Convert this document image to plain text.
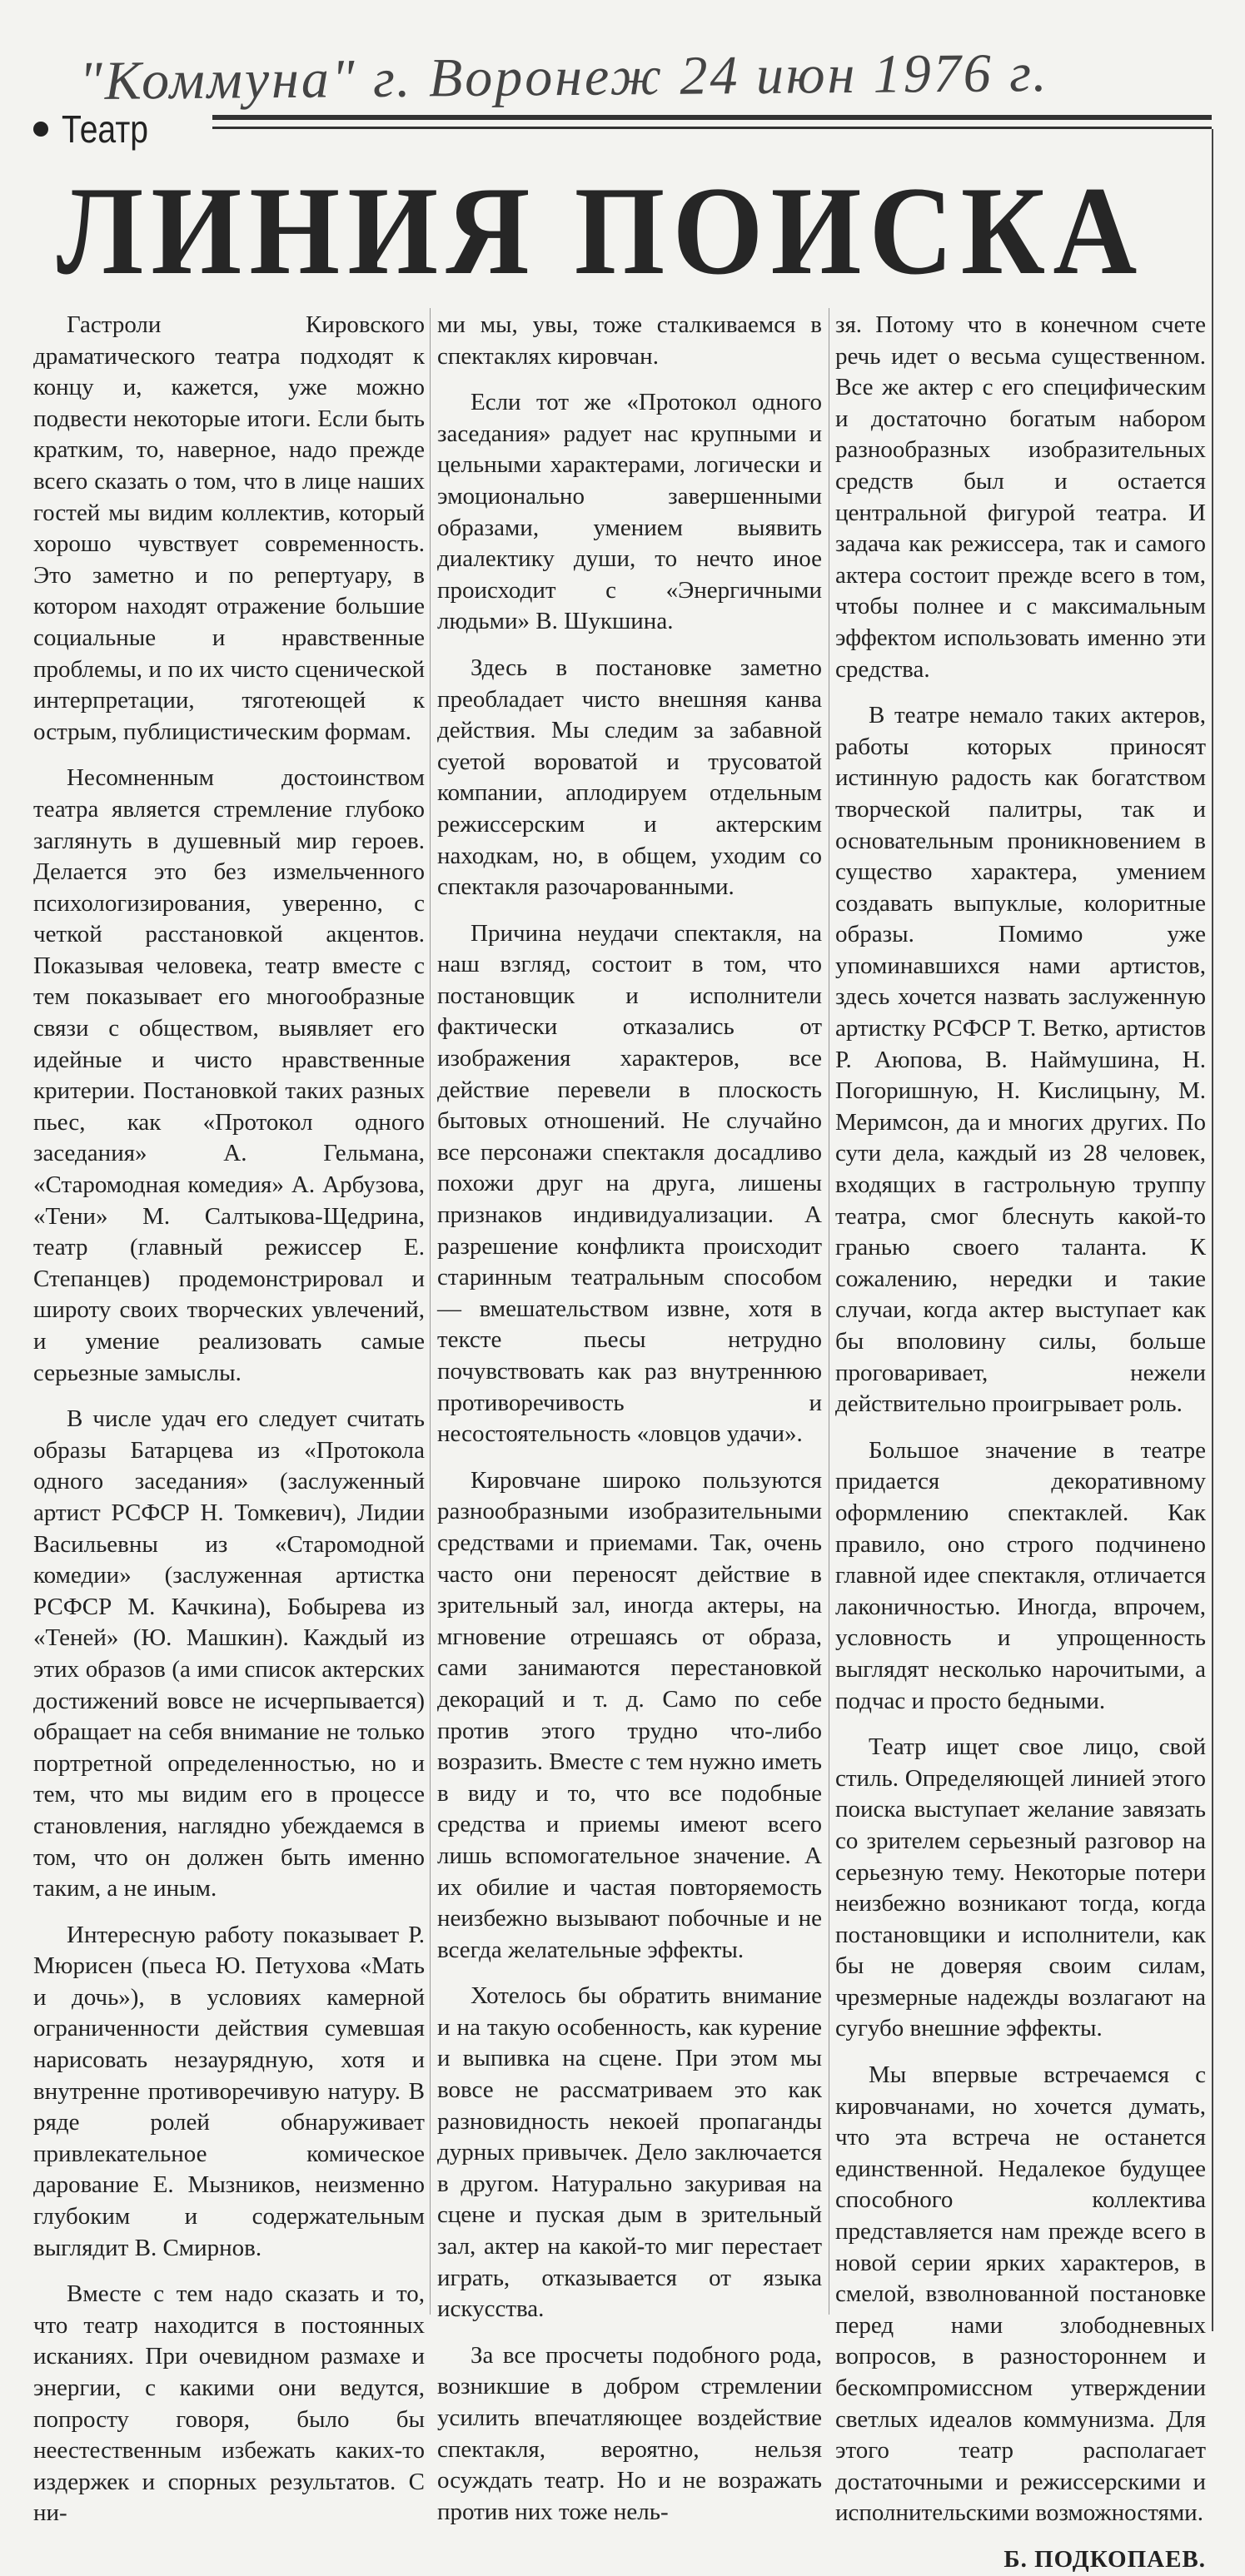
"Коммуна" г. Воронеж 24 июн 1976 г.
Театр
ЛИНИЯ ПОИСКА

Гастроли Кировского драматического театра подходят к концу и, кажется, уже можно подвести некоторые итоги. Если быть кратким, то, наверное, надо прежде всего сказать о том, что в лице наших гостей мы видим коллектив, который хорошо чувствует современность. Это заметно и по репертуару, в котором находят отражение большие социальные и нравственные проблемы, и по их чисто сценической интерпретации, тяготеющей к острым, публицистическим формам.

Несомненным достоинством театра является стремление глубоко заглянуть в душевный мир героев. Делается это без измельченного психологизирования, уверенно, с четкой расстановкой акцентов. Показывая человека, театр вместе с тем показывает его многообразные связи с обществом, выявляет его идейные и чисто нравственные критерии. Постановкой таких разных пьес, как «Протокол одного заседания» А. Гельмана, «Старомодная комедия» А. Арбузова, «Тени» М. Салтыкова-Щедрина, театр (главный режиссер Е. Степанцев) продемонстрировал и широту своих творческих увлечений, и умение реализовать самые серьезные замыслы.

В числе удач его следует считать образы Батарцева из «Протокола одного заседания» (заслуженный артист РСФСР Н. Томкевич), Лидии Васильевны из «Старомодной комедии» (заслуженная артистка РСФСР М. Качкина), Бобырева из «Теней» (Ю. Машкин). Каждый из этих образов (а ими список актерских достижений вовсе не исчерпывается) обращает на себя внимание не только портретной определенностью, но и тем, что мы видим его в процессе становления, наглядно убеждаемся в том, что он должен быть именно таким, а не иным.

Интересную работу показывает Р. Мюрисен (пьеса Ю. Петухова «Мать и дочь»), в условиях камерной ограниченности действия сумевшая нарисовать незаурядную, хотя и внутренне противоречивую натуру. В ряде ролей обнаруживает привлекательное комическое дарование Е. Мызников, неизменно глубоким и содержательным выглядит В. Смирнов.

Вместе с тем надо сказать и то, что театр находится в постоянных исканиях. При очевидном размахе и энергии, с какими они ведутся, попросту говоря, было бы неестественным избежать каких-то издержек и спорных результатов. С ни-

ми мы, увы, тоже сталкиваемся в спектаклях кировчан.

Если тот же «Протокол одного заседания» радует нас крупными и цельными характерами, логически и эмоционально завершенными образами, умением выявить диалектику души, то нечто иное происходит с «Энергичными людьми» В. Шукшина.

Здесь в постановке заметно преобладает чисто внешняя канва действия. Мы следим за забавной суетой вороватой и трусоватой компании, аплодируем отдельным режиссерским и актерским находкам, но, в общем, уходим со спектакля разочарованными.

Причина неудачи спектакля, на наш взгляд, состоит в том, что постановщик и исполнители фактически отказались от изображения характеров, все действие перевели в плоскость бытовых отношений. Не случайно все персонажи спектакля досадливо похожи друг на друга, лишены признаков индивидуализации. А разрешение конфликта происходит старинным театральным способом — вмешательством извне, хотя в тексте пьесы нетрудно почувствовать как раз внутреннюю противоречивость и несостоятельность «ловцов удачи».

Кировчане широко пользуются разнообразными изобразительными средствами и приемами. Так, очень часто они переносят действие в зрительный зал, иногда актеры, на мгновение отрешаясь от образа, сами занимаются перестановкой декораций и т. д. Само по себе против этого трудно что-либо возразить. Вместе с тем нужно иметь в виду и то, что все подобные средства и приемы имеют всего лишь вспомогательное значение. А их обилие и частая повторяемость неизбежно вызывают побочные и не всегда желательные эффекты.

Хотелось бы обратить внимание и на такую особенность, как курение и выпивка на сцене. При этом мы вовсе не рассматриваем это как разновидность некоей пропаганды дурных привычек. Дело заключается в другом. Натурально закуривая на сцене и пуская дым в зрительный зал, актер на какой-то миг перестает играть, отказывается от языка искусства.

За все просчеты подобного рода, возникшие в добром стремлении усилить впечатляющее воздействие спектакля, вероятно, нельзя осуждать театр. Но и не возражать против них тоже нель-

зя. Потому что в конечном счете речь идет о весьма существенном. Все же актер с его специфическим и достаточно богатым набором разнообразных изобразительных средств был и остается центральной фигурой театра. И задача как режиссера, так и самого актера состоит прежде всего в том, чтобы полнее и с максимальным эффектом использовать именно эти средства.

В театре немало таких актеров, работы которых приносят истинную радость как богатством творческой палитры, так и основательным проникновением в существо характера, умением создавать выпуклые, колоритные образы. Помимо уже упоминавшихся нами артистов, здесь хочется назвать заслуженную артистку РСФСР Т. Ветко, артистов Р. Аюпова, В. Наймушина, Н. Погоришную, Н. Кислицыну, М. Меримсон, да и многих других. По сути дела, каждый из 28 человек, входящих в гастрольную труппу театра, смог блеснуть какой-то гранью своего таланта. К сожалению, нередки и такие случаи, когда актер выступает как бы вполовину силы, больше проговаривает, нежели действительно проигрывает роль.

Большое значение в театре придается декоративному оформлению спектаклей. Как правило, оно строго подчинено главной идее спектакля, отличается лаконичностью. Иногда, впрочем, условность и упрощенность выглядят несколько нарочитыми, а подчас и просто бедными.

Театр ищет свое лицо, свой стиль. Определяющей линией этого поиска выступает желание завязать со зрителем серьезный разговор на серьезную тему. Некоторые потери неизбежно возникают тогда, когда постановщики и исполнители, как бы не доверяя своим силам, чрезмерные надежды возлагают на сугубо внешние эффекты.

Мы впервые встречаемся с кировчанами, но хочется думать, что эта встреча не останется единственной. Недалекое будущее способного коллектива представляется нам прежде всего в новой серии ярких характеров, в смелой, взволнованной постановке перед нами злободневных вопросов, в разностороннем и бескомпромиссном утверждении светлых идеалов коммунизма. Для этого театр располагает достаточными и режиссерскими и исполнительскими возможностями.

Б. ПОДКОПАЕВ.
